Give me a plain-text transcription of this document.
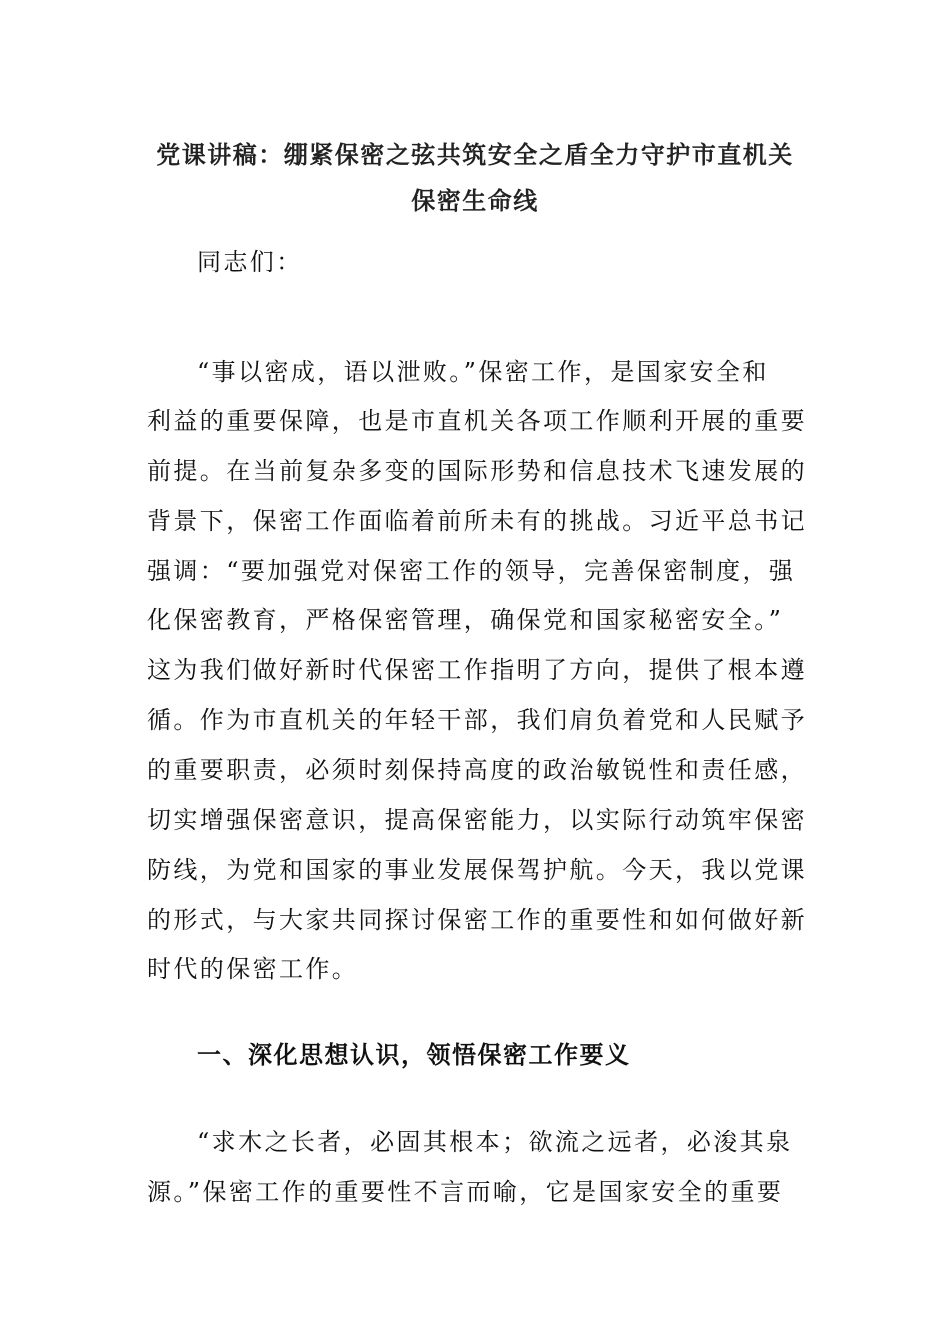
党课讲稿：绷紧保密之弦共筑安全之盾全力守护市直机关
保密生命线
同志们：
“事以密成，语以泄败。”保密工作，是国家安全和
利益的重要保障，也是市直机关各项工作顺利开展的重要
前提。在当前复杂多变的国际形势和信息技术飞速发展的
背景下，保密工作面临着前所未有的挑战。习近平总书记
强调：“要加强党对保密工作的领导，完善保密制度，强
化保密教育，严格保密管理，确保党和国家秘密安全。”
这为我们做好新时代保密工作指明了方向，提供了根本遵
循。作为市直机关的年轻干部，我们肩负着党和人民赋予
的重要职责，必须时刻保持高度的政治敏锐性和责任感，
切实增强保密意识，提高保密能力，以实际行动筑牢保密
防线，为党和国家的事业发展保驾护航。今天，我以党课
的形式，与大家共同探讨保密工作的重要性和如何做好新
时代的保密工作。
一、深化思想认识，领悟保密工作要义
“求木之长者，必固其根本；欲流之远者，必浚其泉
源。”保密工作的重要性不言而喻，它是国家安全的重要
